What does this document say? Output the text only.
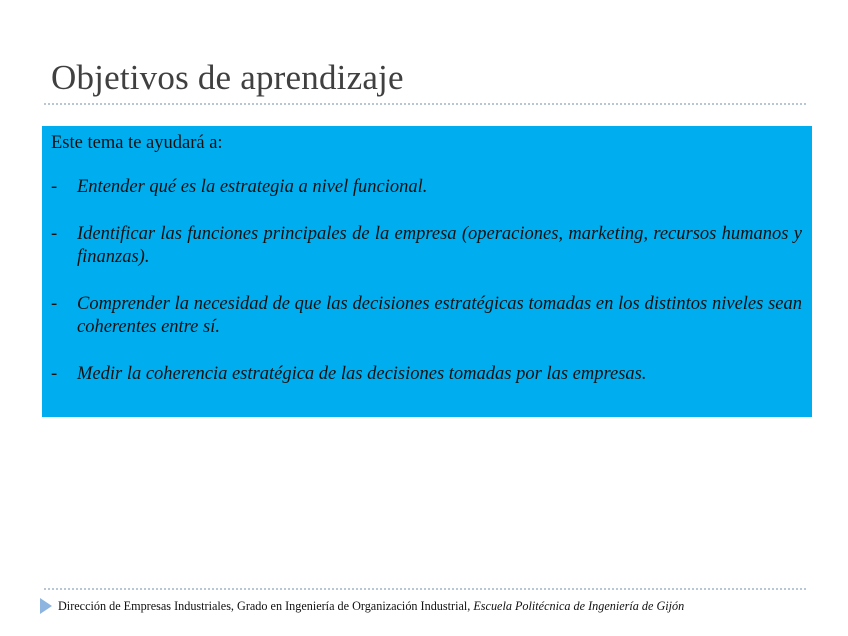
Objetivos de aprendizaje

Este tema te ayudará a:

- Entender qué es la estrategia a nivel funcional.
- Identificar las funciones principales de la empresa (operaciones, marketing, recursos humanos y finanzas).
- Comprender la necesidad de que las decisiones estratégicas tomadas en los distintos niveles sean coherentes entre sí.
- Medir la coherencia estratégica de las decisiones tomadas por las empresas.
Dirección de Empresas Industriales, Grado en Ingeniería de Organización Industrial, Escuela Politécnica de Ingeniería de Gijón
